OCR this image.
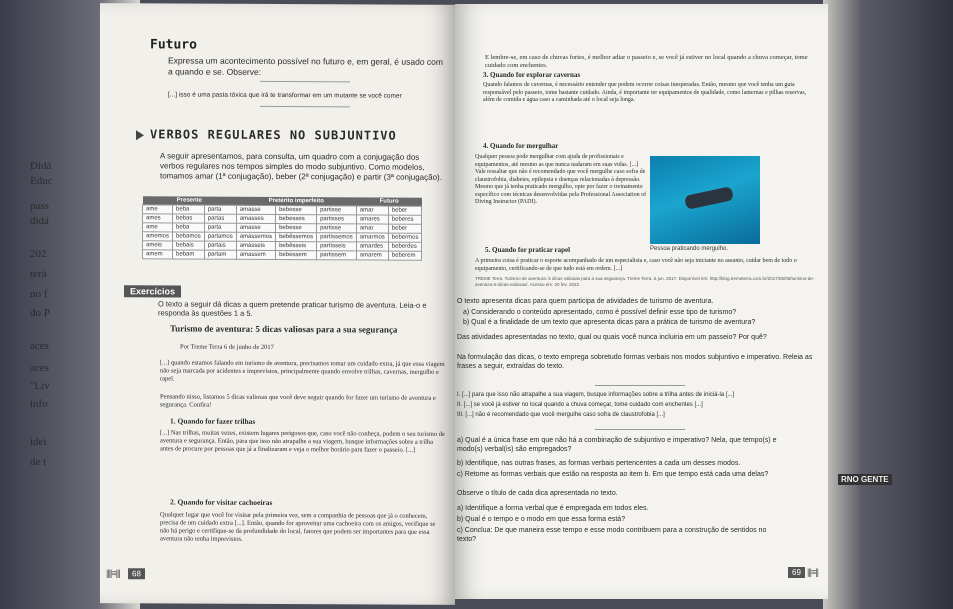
RNO GENTE
Didá
Educ
pass
didá
202
terá
no f
do P
aces
aces
"Liv
info
idei
de t
Futuro
Expressa um acontecimento possível no futuro e, em geral, é usado com a quando e se. Observe:
[...] isso é uma pasta tóxica que irá te transformar em um mutante se você comer
VERBOS REGULARES NO SUBJUNTIVO
A seguir apresentamos, para consulta, um quadro com a conjugação dos verbos regulares nos tempos simples do modo subjuntivo. Como modelos, tomamos amar (1ª conjugação), beber (2ª conjugação) e partir (3ª conjugação).
Presente			Pretérito imperfeito			Futuro	
ame	beba	parta	amasse	bebesse	partisse	amar	beber
ames	bebas	partas	amasses	bebesses	partisses	amares	beberes
ame	beba	parta	amasse	bebesse	partisse	amar	beber
amemos	bebamos	partamos	amássemos	bebêssemos	partíssemos	amarmos	bebermos
ameis	bebais	partais	amásseis	bebêsseis	partísseis	amardes	beberdes
amem	bebam	partam	amassem	bebessem	partissem	amarem	beberem
Exercícios
O texto a seguir dá dicas a quem pretende praticar turismo de aventura. Leia-o e responda às questões 1 a 5.
Turismo de aventura: 5 dicas valiosas para a sua segurança
Por Treme Terra 6 de junho de 2017
[...] quando estamos falando em turismo de aventura, precisamos tomar um cuidado extra, já que essa viagem não seja marcada por acidentes e imprevistos, principalmente quando envolve trilhas, cavernas, mergulho e rapel.
Pensando nisso, listamos 5 dicas valiosas que você deve seguir quando for fazer um turismo de aventura e segurança. Confira!
1. Quando for fazer trilhas
[...] Nas trilhas, muitas vezes, existem lugares perigosos que, caso você não conheça, podem o seu turismo de aventura e segurança. Então, para que isso não atrapalhe a sua viagem, busque informações sobre a trilha antes de procure por pessoas que já a finalizaram e veja o melhor horário para fazer o passeio. [...]
2. Quando for visitar cachoeiras
Qualquer lugar que você for visitar pela primeira vez, sem a companhia de pessoas que já o conhecem, precisa de um cuidado extra [...]. Então, quando for aproveitar uma cachoeira com os amigos, verifique se não há perigo e certifique-se da profundidade do local, fatores que podem ser importantes para que essa aventura não tenha imprevistos.
||||≡|||	68
E lembre-se, em caso de chuvas fortes, é melhor adiar o passeio e, se você já estiver no local quando a chuva começar, tome cuidado com enchentes.
3. Quando for explorar cavernas
Quando falamos de cavernas, é necessário entender que podem ocorrer coisas inesperadas. Então, mesmo que você tenha um guia responsável pelo passeio, tome bastante cuidado. Ainda, é importante ter equipamentos de qualidade, como lanternas e pilhas reservas, além de comida e água caso a caminhada até o local seja longa.
4. Quando for mergulhar
Qualquer pessoa pode mergulhar com ajuda de profissionais e equipamentos, até mesmo as que nunca nadaram em suas vidas. [...] Vale ressaltar que não é recomendado que você mergulhe caso sofra de claustrofobia, diabetes, epilepsia e doenças relacionadas à depressão. Mesmo que já tenha praticado mergulho, opte por fazer o treinamento específico com técnicas desenvolvidas pela Professional Association of Diving Instructor (PADI).
Pessoa praticando mergulho.
5. Quando for praticar rapel
A primeira coisa é praticar o esporte acompanhado de um especialista e, caso você não seja iniciante no assunto, cuidar bem de todo o equipamento, certificando-se de que tudo está em ordem. [...]
TREME Terra. Turismo de aventura: 5 dicas valiosas para a sua segurança. Treme Terra, 6 jun. 2017. Disponível em: http://blog.tremeterra.com.br/2017/06/06/turismo-de-aventura-5-dicas-valiosas/. Acesso em: 20 fev. 2022.
O texto apresenta dicas para quem participa de atividades de turismo de aventura.
a) Considerando o conteúdo apresentado, como é possível definir esse tipo de turismo?
b) Qual é a finalidade de um texto que apresenta dicas para a prática de turismo de aventura?
Das atividades apresentadas no texto, qual ou quais você nunca incluiria em um passeio? Por quê?
Na formulação das dicas, o texto emprega sobretudo formas verbais nos modos subjuntivo e imperativo. Releia as frases a seguir, extraídas do texto.
I. [...] para que isso não atrapalhe a sua viagem, busque informações sobre a trilha antes de iniciá-la [...]
II. [...] se você já estiver no local quando a chuva começar, tome cuidado com enchentes [...]
III. [...] não é recomendado que você mergulhe caso sofra de claustrofobia [...]
a) Qual é a única frase em que não há a combinação de subjuntivo e imperativo? Nela, que tempo(s) e modo(s) verbal(is) são empregados?
b) Identifique, nas outras frases, as formas verbais pertencentes a cada um desses modos.
c) Retome as formas verbais que estão na resposta ao item b. Em que tempo está cada uma delas?
Observe o título de cada dica apresentada no texto.
a) Identifique a forma verbal que é empregada em todos eles.
b) Qual é o tempo e o modo em que essa forma está?
c) Conclua: De que maneira esse tempo e esse modo contribuem para a construção de sentidos no texto?
69 |||≡||
